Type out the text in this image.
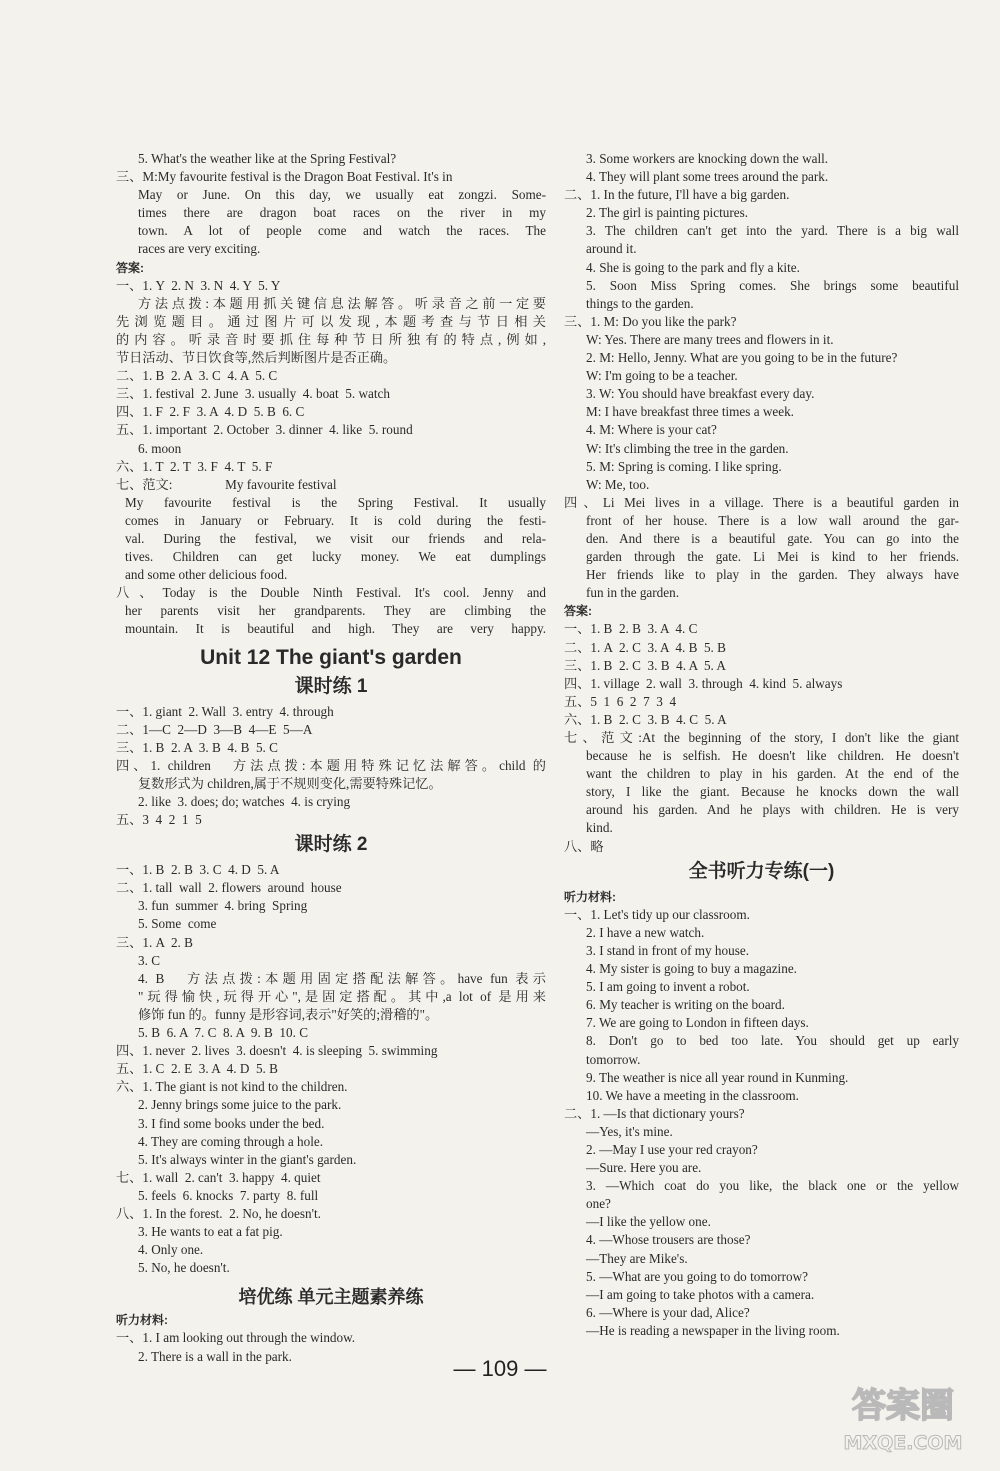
5. What's the weather like at the Spring Festival?
三、M:My favourite festival is the Dragon Boat Festival. It's in
May or June. On this day, we usually eat zongzi. Some-
times there are dragon boat races on the river in my
town. A lot of people come and watch the races. The
races are very exciting.
答案:
一、1. Y  2. N  3. N  4. Y  5. Y
方法点拨:本题用抓关键信息法解答。听录音之前一定要
先浏览题目。通过图片可以发现,本题考查与节日相关
的内容。听录音时要抓住每种节日所独有的特点,例如,
节日活动、节日饮食等,然后判断图片是否正确。
二、1. B  2. A  3. C  4. A  5. C
三、1. festival  2. June  3. usually  4. boat  5. watch
四、1. F  2. F  3. A  4. D  5. B  6. C
五、1. important  2. October  3. dinner  4. like  5. round
6. moon
六、1. T  2. T  3. F  4. T  5. F
七、范文:                My favourite festival
My favourite festival is the Spring Festival. It usually
comes in January or February. It is cold during the festi-
val. During the festival, we visit our friends and rela-
tives. Children can get lucky money. We eat dumplings
and some other delicious food.
八、Today is the Double Ninth Festival. It's cool. Jenny and
her parents visit her grandparents. They are climbing the
mountain. It is beautiful and high. They are very happy.
Unit 12 The giant's garden
课时练 1
一、1. giant  2. Wall  3. entry  4. through
二、1—C  2—D  3—B  4—E  5—A
三、1. B  2. A  3. B  4. B  5. C
四、1. children   方法点拨:本题用特殊记忆法解答。child 的
复数形式为 children,属于不规则变化,需要特殊记忆。
2. like  3. does; do; watches  4. is crying
五、3  4  2  1  5
课时练 2
一、1. B  2. B  3. C  4. D  5. A
二、1. tall  wall  2. flowers  around  house
3. fun  summer  4. bring  Spring
5. Some  come
三、1. A  2. B
3. C
4. B   方法点拨:本题用固定搭配法解答。have fun 表示
"玩得愉快,玩得开心",是固定搭配。其中,a lot of 是用来
修饰 fun 的。funny 是形容词,表示"好笑的;滑稽的"。
5. B  6. A  7. C  8. A  9. B  10. C
四、1. never  2. lives  3. doesn't  4. is sleeping  5. swimming
五、1. C  2. E  3. A  4. D  5. B
六、1. The giant is not kind to the children.
2. Jenny brings some juice to the park.
3. I find some books under the bed.
4. They are coming through a hole.
5. It's always winter in the giant's garden.
七、1. wall  2. can't  3. happy  4. quiet
5. feels  6. knocks  7. party  8. full
八、1. In the forest.  2. No, he doesn't.
3. He wants to eat a fat pig.
4. Only one.
5. No, he doesn't.
培优练 单元主题素养练
听力材料:
一、1. I am looking out through the window.
2. There is a wall in the park.
3. Some workers are knocking down the wall.
4. They will plant some trees around the park.
二、1. In the future, I'll have a big garden.
2. The girl is painting pictures.
3. The children can't get into the yard. There is a big wall
around it.
4. She is going to the park and fly a kite.
5. Soon Miss Spring comes. She brings some beautiful
things to the garden.
三、1. M: Do you like the park?
W: Yes. There are many trees and flowers in it.
2. M: Hello, Jenny. What are you going to be in the future?
W: I'm going to be a teacher.
3. W: You should have breakfast every day.
M: I have breakfast three times a week.
4. M: Where is your cat?
W: It's climbing the tree in the garden.
5. M: Spring is coming. I like spring.
W: Me, too.
四、Li Mei lives in a village. There is a beautiful garden in
front of her house. There is a low wall around the gar-
den. And there is a beautiful gate. You can go into the
garden through the gate. Li Mei is kind to her friends.
Her friends like to play in the garden. They always have
fun in the garden.
答案:
一、1. B  2. B  3. A  4. C
二、1. A  2. C  3. A  4. B  5. B
三、1. B  2. C  3. B  4. A  5. A
四、1. village  2. wall  3. through  4. kind  5. always
五、5  1  6  2  7  3  4
六、1. B  2. C  3. B  4. C  5. A
七、范文:At the beginning of the story, I don't like the giant
because he is selfish. He doesn't like children. He doesn't
want the children to play in his garden. At the end of the
story, I like the giant. Because he knocks down the wall
around his garden. And he plays with children. He is very
kind.
八、略
全书听力专练(一)
听力材料:
一、1. Let's tidy up our classroom.
2. I have a new watch.
3. I stand in front of my house.
4. My sister is going to buy a magazine.
5. I am going to invent a robot.
6. My teacher is writing on the board.
7. We are going to London in fifteen days.
8. Don't go to bed too late. You should get up early
tomorrow.
9. The weather is nice all year round in Kunming.
10. We have a meeting in the classroom.
二、1. —Is that dictionary yours?
—Yes, it's mine.
2. —May I use your red crayon?
—Sure. Here you are.
3. —Which coat do you like, the black one or the yellow
one?
—I like the yellow one.
4. —Whose trousers are those?
—They are Mike's.
5. —What are you going to do tomorrow?
—I am going to take photos with a camera.
6. —Where is your dad, Alice?
—He is reading a newspaper in the living room.
— 109 —
答案圈
MXQE.COM
